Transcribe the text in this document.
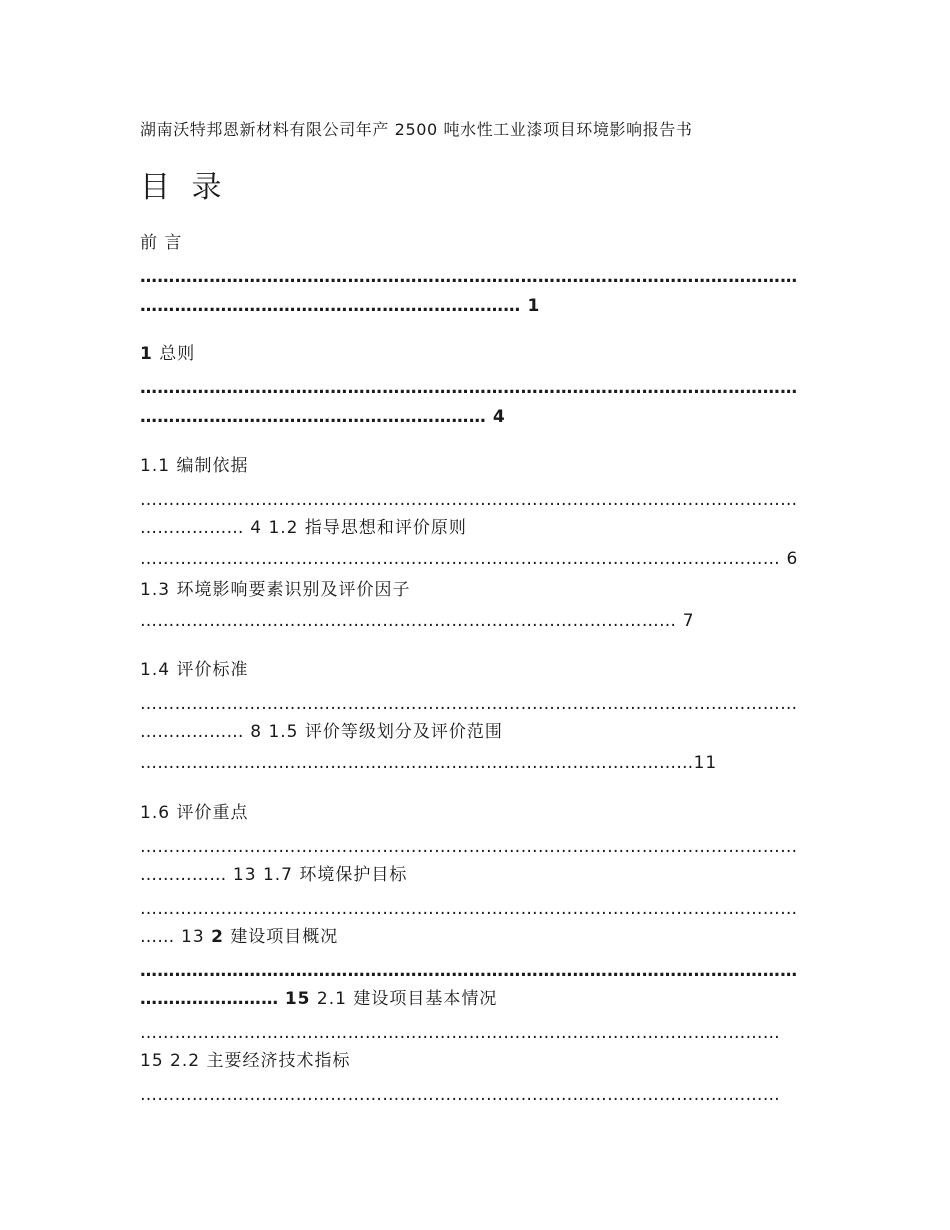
湖南沃特邦恩新材料有限公司年产 2500 吨水性工业漆项目环境影响报告书
目 录
前 言
……………………………………………………………………………………………………
………………………………………………………… 1
1 总则
……………………………………………………………………………………………………
…………………………………………………… 4
1.1 编制依据
……………………………………………………………………………………………………
……………… 4 1.2 指导思想和评价原则
………………………………………………………………………………………………… 6
1.3 环境影响要素识别及评价因子
………………………………………………………………………………… 7
1.4 评价标准
……………………………………………………………………………………………………
……………… 8 1.5 评价等级划分及评价范围
……………………………………………………………………………………11
1.6 评价重点
……………………………………………………………………………………………………
…………… 13 1.7 环境保护目标
……………………………………………………………………………………………………
…… 13 2 建设项目概况
……………………………………………………………………………………………………
…………………… 15 2.1 建设项目基本情况
…………………………………………………………………………………………………
15 2.2 主要经济技术指标
…………………………………………………………………………………………………
